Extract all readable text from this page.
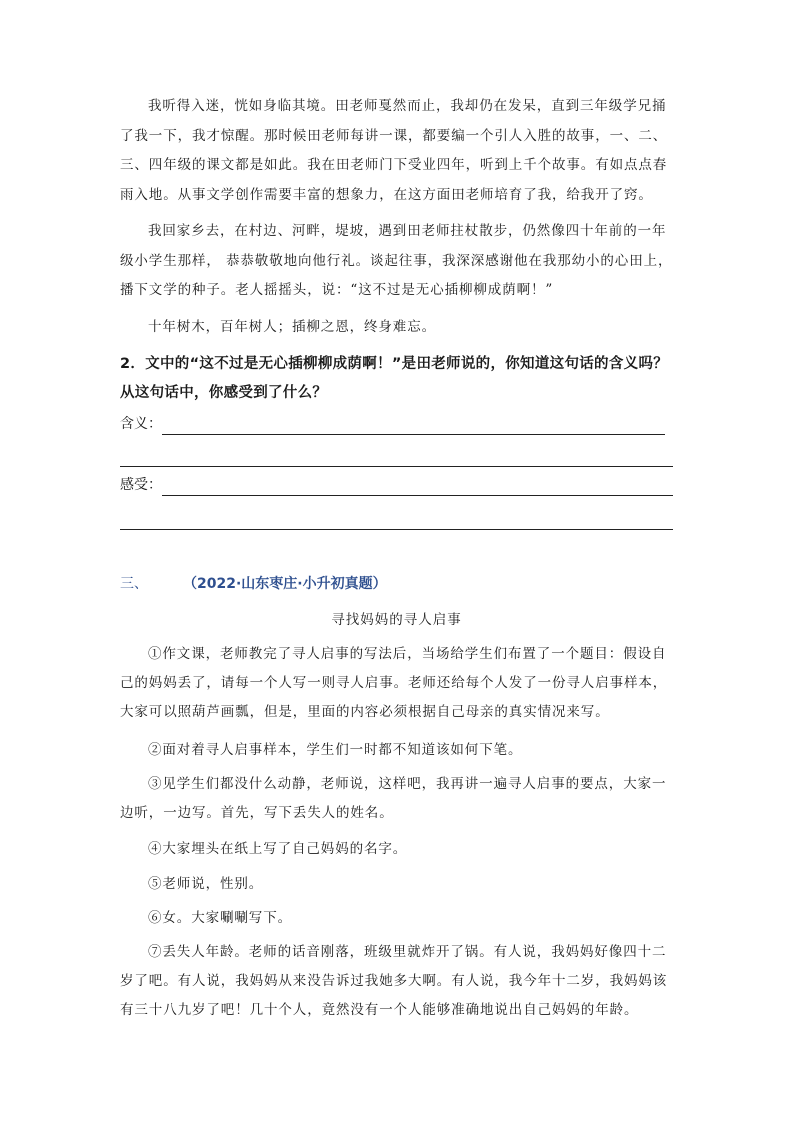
我听得入迷，恍如身临其境。田老师戛然而止，我却仍在发呆，直到三年级学兄捅了我一下，我才惊醒。那时候田老师每讲一课，都要编一个引人入胜的故事，一、二、三、四年级的课文都是如此。我在田老师门下受业四年，听到上千个故事。有如点点春雨入地。从事文学创作需要丰富的想象力，在这方面田老师培育了我，给我开了窍。

我回家乡去，在村边、河畔，堤坡，遇到田老师拄杖散步，仍然像四十年前的一年级小学生那样， 恭恭敬敬地向他行礼。谈起往事，我深深感谢他在我那幼小的心田上，播下文学的种子。老人摇摇头，说：“这不过是无心插柳柳成荫啊！”

十年树木，百年树人；插柳之恩，终身难忘。

2．文中的“这不过是无心插柳柳成荫啊！”是田老师说的，你知道这句话的含义吗？从这句话中，你感受到了什么？

含义：
感受：
三、	（2022·山东枣庄·小升初真题）
寻找妈妈的寻人启事

①作文课，老师教完了寻人启事的写法后，当场给学生们布置了一个题目：假设自己的妈妈丢了，请每一个人写一则寻人启事。老师还给每个人发了一份寻人启事样本，大家可以照葫芦画瓢，但是，里面的内容必须根据自己母亲的真实情况来写。

②面对着寻人启事样本，学生们一时都不知道该如何下笔。

③见学生们都没什么动静，老师说，这样吧，我再讲一遍寻人启事的要点，大家一边听，一边写。首先，写下丢失人的姓名。

④大家埋头在纸上写了自己妈妈的名字。

⑤老师说，性别。

⑥女。大家唰唰写下。

⑦丢失人年龄。老师的话音刚落，班级里就炸开了锅。有人说，我妈妈好像四十二岁了吧。有人说，我妈妈从来没告诉过我她多大啊。有人说，我今年十二岁，我妈妈该有三十八九岁了吧！几十个人，竟然没有一个人能够准确地说出自己妈妈的年龄。
